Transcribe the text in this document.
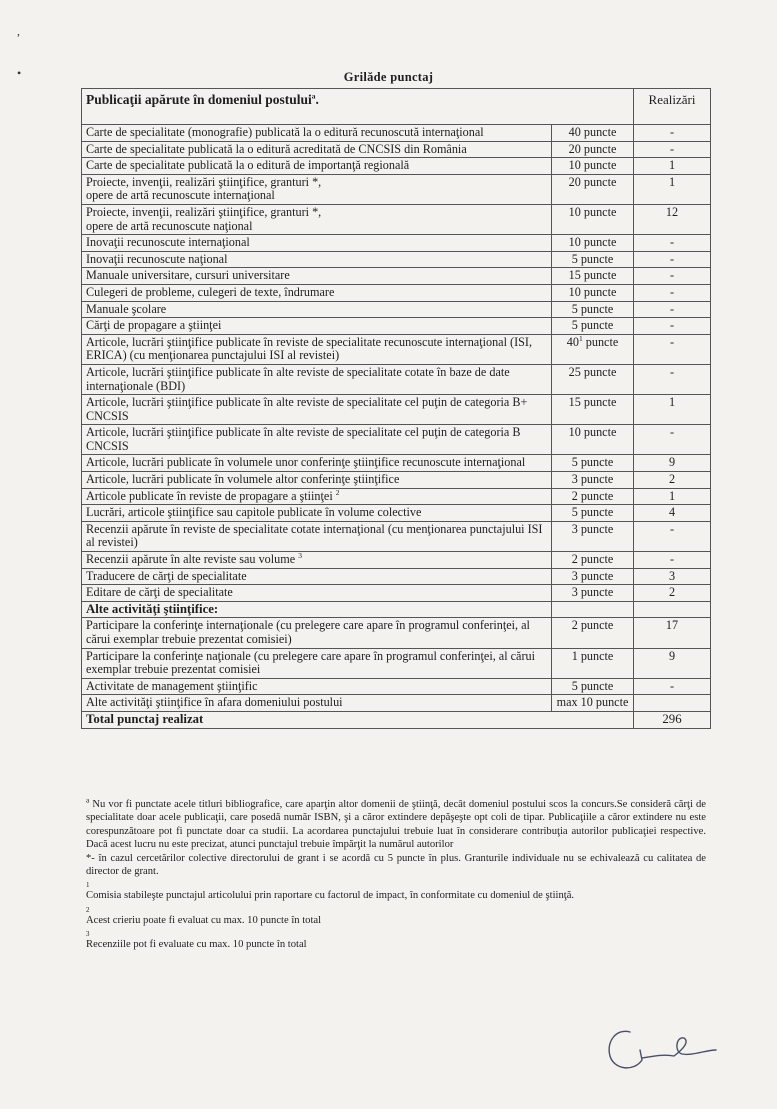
,
•	Grilăde punctaj
Publicaţii apărute în domeniul postului$^a$.		Realizări
Carte de specialitate (monografie) publicată la o editură recunoscută internaţional	40 puncte	-
Carte de specialitate publicată la o editură acreditată de CNCSIS din România	20 puncte	-
Carte de specialitate publicată la o editură de importanţă regională	10 puncte	1
Proiecte, invenţii, realizări ştiinţifice, granturi *,
opere de artă recunoscute internaţional	20 puncte	1
Proiecte, invenţii, realizări ştiinţifice, granturi *,
opere de artă recunoscute naţional	10 puncte	12
Inovaţii recunoscute internaţional	10 puncte	-
Inovaţii recunoscute naţional	5 puncte	-
Manuale universitare, cursuri universitare	15 puncte	-
Culegeri de probleme, culegeri de texte, îndrumare	10 puncte	-
Manuale şcolare	5 puncte	-
Cărţi de propagare a ştiinţei	5 puncte	-
Articole, lucrări ştiinţifice publicate în reviste de specialitate recunoscute internaţional (ISI, ERICA) (cu menţionarea punctajului ISI al revistei)	$40^1$ puncte	-
Articole, lucrări ştiinţifice publicate în alte reviste de specialitate cotate în baze de date internaţionale (BDI)	25 puncte	-
Articole, lucrări ştiinţifice publicate în alte reviste de specialitate cel puţin de categoria B+ CNCSIS	15 puncte	1
Articole, lucrări ştiinţifice publicate în alte reviste de specialitate cel puţin de categoria B CNCSIS	10 puncte	-
Articole, lucrări publicate în volumele unor conferinţe ştiinţifice recunoscute internaţional	5 puncte	9
Articole, lucrări publicate în volumele altor conferinţe ştiinţifice	3 puncte	2
Articole publicate în reviste de propagare a ştiinţei $^2$	2 puncte	1
Lucrări, articole ştiinţifice sau capitole publicate în volume colective	5 puncte	4
Recenzii apărute în reviste de specialitate cotate internaţional (cu menţionarea punctajului ISI al revistei)	3 puncte	-
Recenzii apărute în alte reviste sau volume $^3$	2 puncte	-
Traducere de cărţi de specialitate	3 puncte	3
Editare de cărţi de specialitate	3 puncte	2
Alte activităţi ştiinţifice:		
Participare la conferinţe internaţionale (cu prelegere care apare în programul conferinţei, al cărui exemplar trebuie prezentat comisiei)	2 puncte	17
Participare la conferinţe naţionale (cu prelegere care apare în programul conferinţei, al cărui exemplar trebuie prezentat comisiei	1 puncte	9
Activitate de management ştiinţific	5 puncte	-
Alte activităţi ştiinţifice în afara domeniului postului	max 10 puncte	
Total punctaj realizat		296

$^a$ Nu vor fi punctate acele titluri bibliografice, care aparţin altor domenii de ştiinţă, decât domeniul postului scos la concurs.Se consideră cărţi de specialitate doar acele publicaţii, care posedă număr ISBN, şi a căror extindere depăşeşte opt coli de tipar. Publicaţiile a căror extindere nu este corespunzătoare pot fi punctate doar ca studii. La acordarea punctajului trebuie luat în considerare contribuţia autorilor publicaţiei respective. Dacă acest lucru nu este precizat, atunci punctajul trebuie împărţit la numărul autorilor

*- în cazul cercetărilor colective directorului de grant i se acordă cu 5 puncte în plus. Granturile individuale nu se echivalează cu calitatea de director de grant.

1
Comisia stabileşte punctajul articolului prin raportare cu factorul de impact, în conformitate cu domeniul de ştiinţă.

2
Acest crieriu poate fi evaluat cu max. 10 puncte în total

3
Recenziile pot fi evaluate cu max. 10 puncte în total
